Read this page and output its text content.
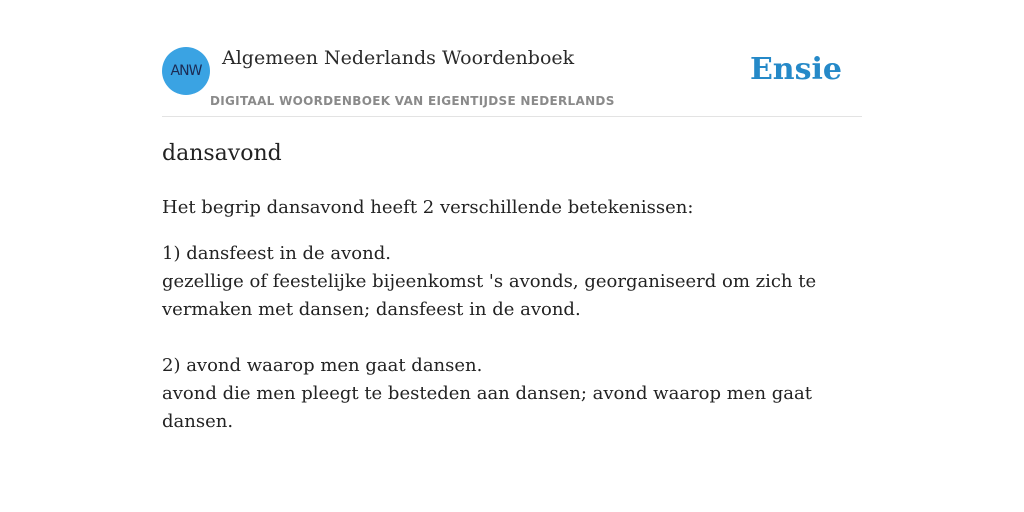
ANW
Algemeen Nederlands Woordenboek
DIGITAAL WOORDENBOEK VAN EIGENTIJDSE NEDERLANDS
Ensie
dansavond

Het begrip dansavond heeft 2 verschillende betekenissen:

1) dansfeest in de avond.
gezellige of feestelijke bijeenkomst 's avonds, georganiseerd om zich te vermaken met dansen; dansfeest in de avond.

2) avond waarop men gaat dansen.
avond die men pleegt te besteden aan dansen; avond waarop men gaat dansen.
